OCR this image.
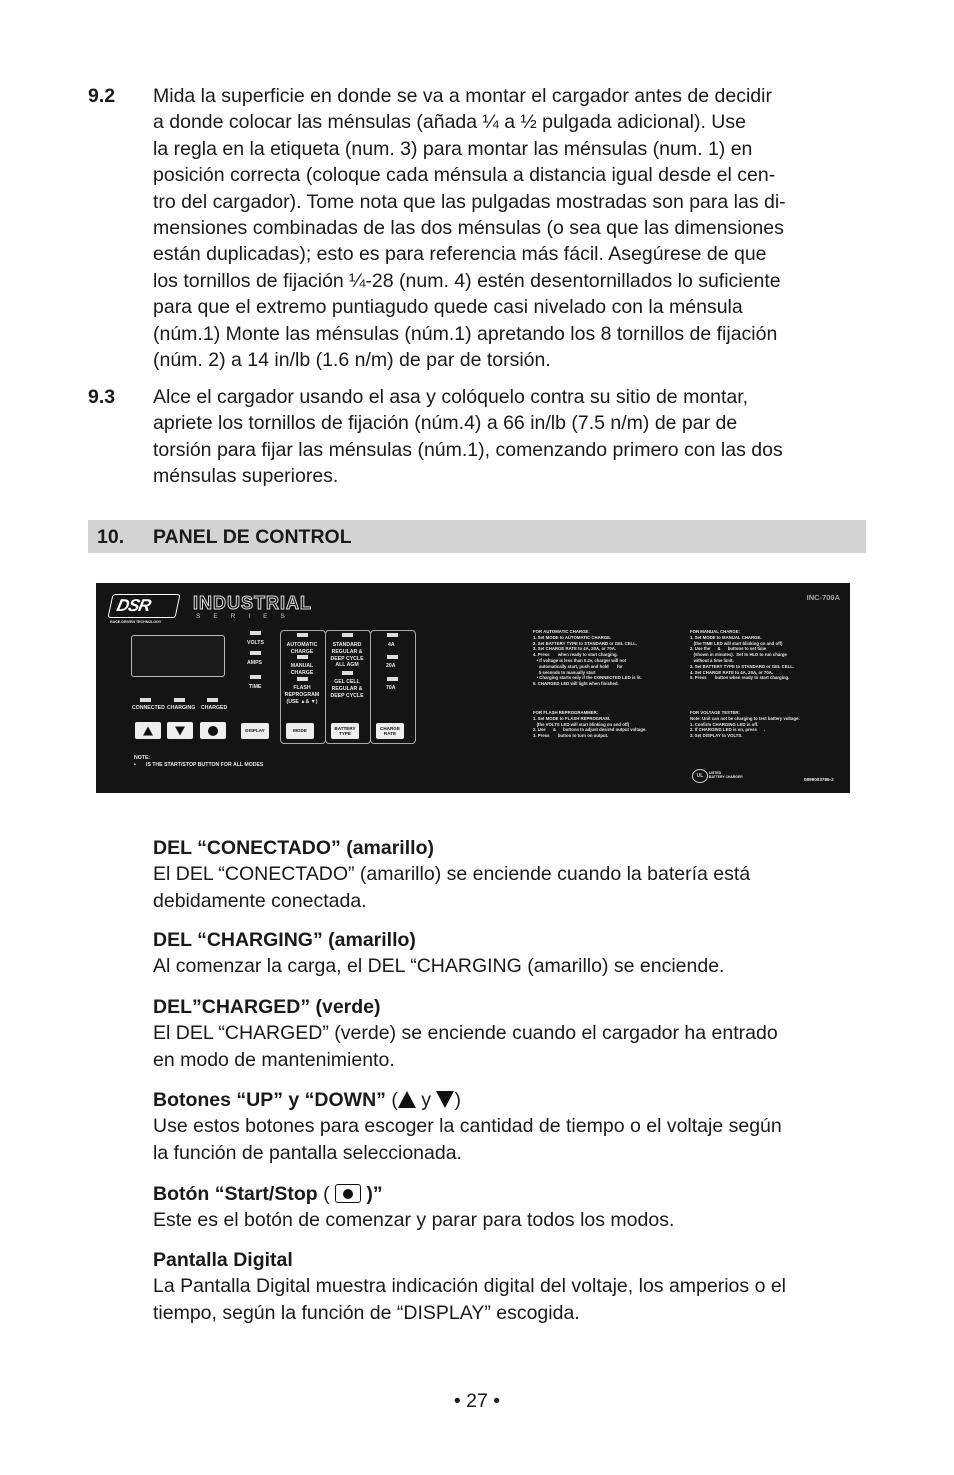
9.2 Mida la superficie en donde se va a montar el cargador antes de decidir
a donde colocar las ménsulas (añada ¼ a ½ pulgada adicional). Use
la regla en la etiqueta (num. 3) para montar las ménsulas (num. 1) en
posición correcta (coloque cada ménsula a distancia igual desde el cen-
tro del cargador). Tome nota que las pulgadas mostradas son para las di-
mensiones combinadas de las dos ménsulas (o sea que las dimensiones
están duplicadas); esto es para referencia más fácil. Asegúrese de que
los tornillos de fijación ¼-28 (num. 4) estén desentornillados lo suficiente
para que el extremo puntiagudo quede casi nivelado con la ménsula
(núm.1) Monte las ménsulas (núm.1) apretando los 8 tornillos de fijación
(núm. 2) a 14 in/lb (1.6 n/m) de par de torsión.
9.3 Alce el cargador usando el asa y colóquelo contra su sitio de montar,
apriete los tornillos de fijación (núm.4) a 66 in/lb (7.5 n/m) de par de
torsión para fijar las ménsulas (núm.1), comenzando primero con las dos
ménsulas superiores.
10. PANEL DE CONTROL
DSR
RACE-DRIVEN TECHNOLOGY
INDUSTRIAL
SERIES
INC-700A
VOLTS
AMPS
TIME
CONNECTED CHARGING CHARGED
DISPLAY
AUTOMATIC
CHARGE
MANUAL
CHARGE
FLASH
REPROGRAM
(USE ▲& ▼)
MODE
STANDARD
REGULAR &
DEEP CYCLE
ALL AGM
GEL CELL
REGULAR &
DEEP CYCLE
BATTERY
TYPE
4A
20A
70A
CHARGE
RATE
NOTE:
•       IS THE START/STOP BUTTON FOR ALL MODES
FOR AUTOMATIC CHARGE:
1. Set MODE to AUTOMATIC CHARGE.
2. Set BATTERY TYPE to STANDARD or GEL CELL.
3. Set CHARGE RATE to 4A, 20A, or 70A.
4. Press       when ready to start charging.
• If voltage is less than 0.2v, charger will not
automatically start, push and hold       for
5 seconds to manually start
• Charging starts only if the CONNECTED LED is lit.
5. CHARGED LED will light when finished.
FOR FLASH REPROGRAMMER:
1. Set MODE to FLASH REPROGRAM.
(the VOLTS LED will start blinking on and off)
2. Use      &      buttons to adjust desired output voltage.
3. Press       button to turn on output.
FOR MANUAL CHARGE:
1. Set MODE to MANUAL CHARGE.
(the TIME LED will start blinking on and off)
2. Use the      &      buttons to set time
(shown in minutes).  Set to HLD to run charge
without a time limit.
3. Set BATTERY TYPE to STANDARD or GEL CELL.
4. Set CHARGE RATE to 4A, 20A, or 70A.
5. Press       button when ready to start charging.
FOR VOLTAGE TESTER:
Note: Unit can not be charging to test battery voltage.
1. Confirm CHARGING LED is off.
2. If CHARGING LED is on, press      .
3. Set DISPLAY to VOLTS.
UL	LISTED
BATTERY CHARGER	0899003786-2
DEL “CONECTADO” (amarillo)
El DEL “CONECTADO” (amarillo) se enciende cuando la batería está
debidamente conectada.
DEL “CHARGING” (amarillo)
Al comenzar la carga, el DEL “CHARGING (amarillo) se enciende.
DEL”CHARGED” (verde)
El DEL “CHARGED” (verde) se enciende cuando el cargador ha entrado
en modo de mantenimiento.
Botones “UP” y “DOWN” ( y )
Use estos botones para escoger la cantidad de tiempo o el voltaje según
la función de pantalla seleccionada.
Botón “Start/Stop ( )”
Este es el botón de comenzar y parar para todos los modos.
Pantalla Digital
La Pantalla Digital muestra indicación digital del voltaje, los amperios o el
tiempo, según la función de “DISPLAY” escogida.
• 27 •
